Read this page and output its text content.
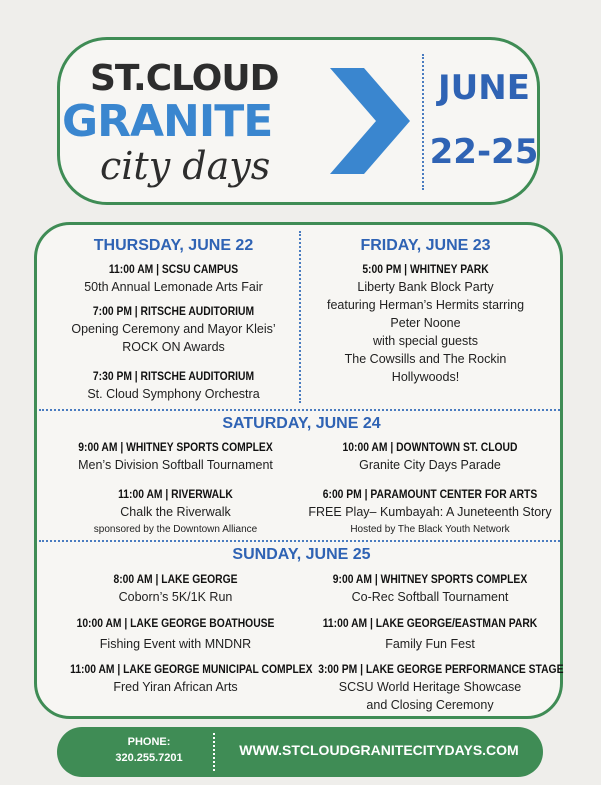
ST.CLOUD
GRANITE
city days
JUNE
22-25
THURSDAY, JUNE 22
11:00 AM | SCSU CAMPUS
50th Annual Lemonade Arts Fair
7:00 PM | RITSCHE AUDITORIUM
Opening Ceremony and Mayor Kleis’
ROCK ON Awards
7:30 PM | RITSCHE AUDITORIUM
St. Cloud Symphony Orchestra
FRIDAY, JUNE 23
5:00 PM | WHITNEY PARK
Liberty Bank Block Party
featuring Herman’s Hermits starring
Peter Noone
with special guests
The Cowsills and The Rockin
Hollywoods!
SATURDAY, JUNE 24
9:00 AM | WHITNEY SPORTS COMPLEX
Men’s Division Softball Tournament
10:00 AM | DOWNTOWN ST. CLOUD
Granite City Days Parade
11:00 AM | RIVERWALK
Chalk the Riverwalk
sponsored by the Downtown Alliance
6:00 PM | PARAMOUNT CENTER FOR ARTS
FREE Play– Kumbayah: A Juneteenth Story
Hosted by The Black Youth Network
SUNDAY, JUNE 25
8:00 AM | LAKE GEORGE
Coborn’s 5K/1K Run
9:00 AM | WHITNEY SPORTS COMPLEX
Co-Rec Softball Tournament
10:00 AM | LAKE GEORGE BOATHOUSE
Fishing Event with MNDNR
11:00 AM | LAKE GEORGE/EASTMAN PARK
Family Fun Fest
11:00 AM | LAKE GEORGE MUNICIPAL COMPLEX
Fred Yiran African Arts
3:00 PM | LAKE GEORGE PERFORMANCE STAGE
SCSU World Heritage Showcase
and Closing Ceremony
PHONE:
320.255.7201	WWW.STCLOUDGRANITECITYDAYS.COM
